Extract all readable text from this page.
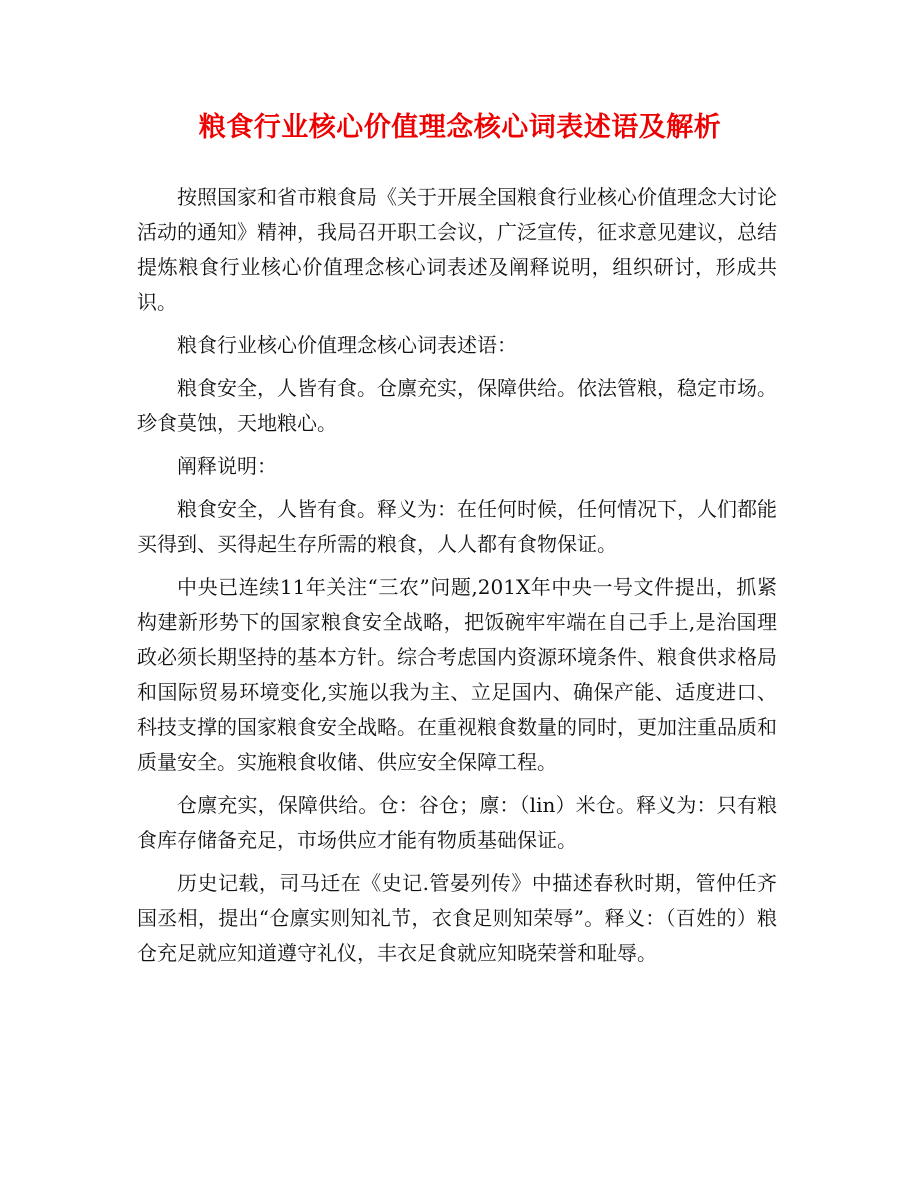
粮食行业核心价值理念核心词表述语及解析

按照国家和省市粮食局《关于开展全国粮食行业核心价值理念大讨论活动的通知》精神，我局召开职工会议，广泛宣传，征求意见建议，总结提炼粮食行业核心价值理念核心词表述及阐释说明，组织研讨，形成共识。

粮食行业核心价值理念核心词表述语：

粮食安全，人皆有食。仓廪充实，保障供给。依法管粮，稳定市场。珍食莫蚀，天地粮心。

阐释说明：

粮食安全，人皆有食。释义为：在任何时候，任何情况下，人们都能买得到、买得起生存所需的粮食，人人都有食物保证。

中央已连续11年关注“三农”问题,201X年中央一号文件提出，抓紧构建新形势下的国家粮食安全战略，把饭碗牢牢端在自己手上,是治国理政必须长期坚持的基本方针。综合考虑国内资源环境条件、粮食供求格局和国际贸易环境变化,实施以我为主、立足国内、确保产能、适度进口、科技支撑的国家粮食安全战略。在重视粮食数量的同时，更加注重品质和质量安全。实施粮食收储、供应安全保障工程。

仓廪充实，保障供给。仓：谷仓；廪：（lin）米仓。释义为：只有粮食库存储备充足，市场供应才能有物质基础保证。

历史记载，司马迁在《史记.管晏列传》中描述春秋时期，管仲任齐国丞相，提出“仓廪实则知礼节，衣食足则知荣辱”。释义：（百姓的）粮仓充足就应知道遵守礼仪，丰衣足食就应知晓荣誉和耻辱。
